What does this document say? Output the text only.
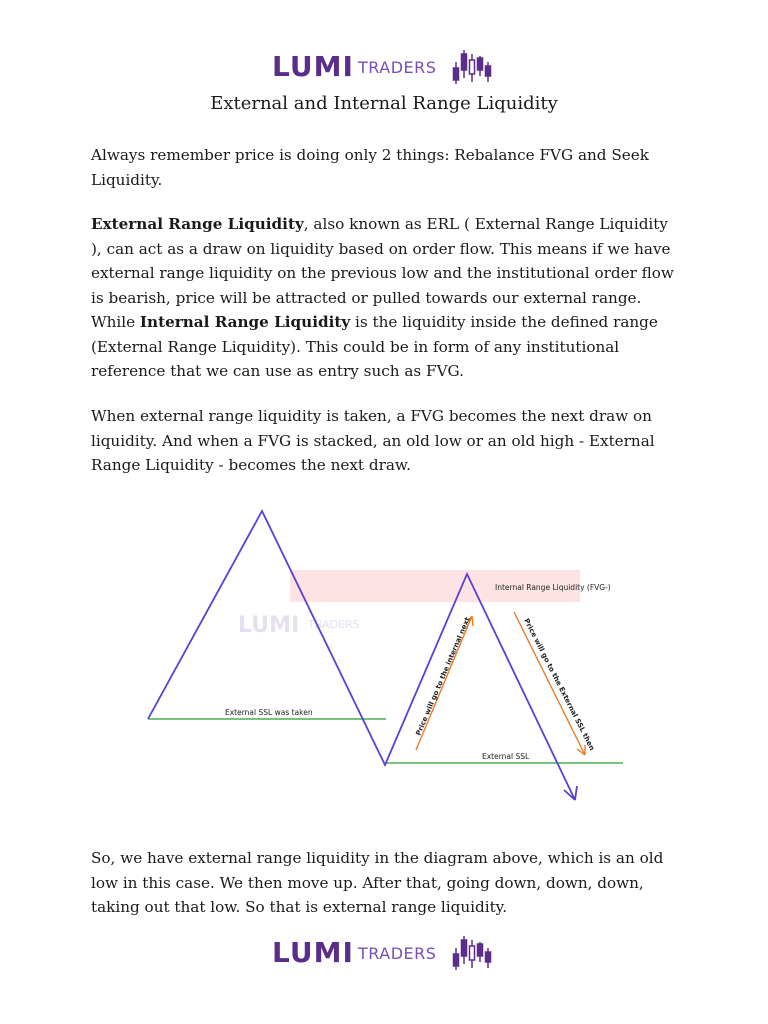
LUMI TRADERS
External and Internal Range Liquidity

Always remember price is doing only 2 things: Rebalance FVG and Seek Liquidity.

External Range Liquidity, also known as ERL ( External Range Liquidity ), can act as a draw on liquidity based on order flow. This means if we have external range liquidity on the previous low and the institutional order flow is bearish, price will be attracted or pulled towards our external range. While Internal Range Liquidity is the liquidity inside the defined range (External Range Liquidity). This could be in form of any institutional reference that we can use as entry such as FVG.

When external range liquidity is taken, a FVG becomes the next draw on liquidity. And when a FVG is stacked, an old low or an old high - External Range Liquidity - becomes the next draw.

LUMI TRADERS
External SSL was taken
External SSL
Internal Range Liquidity (FVG-)
Price will go to the internal next	Price will go to the External SSL then

So, we have external range liquidity in the diagram above, which is an old low in this case. We then move up. After that, going down, down, down, taking out that low. So that is external range liquidity.

LUMI TRADERS
